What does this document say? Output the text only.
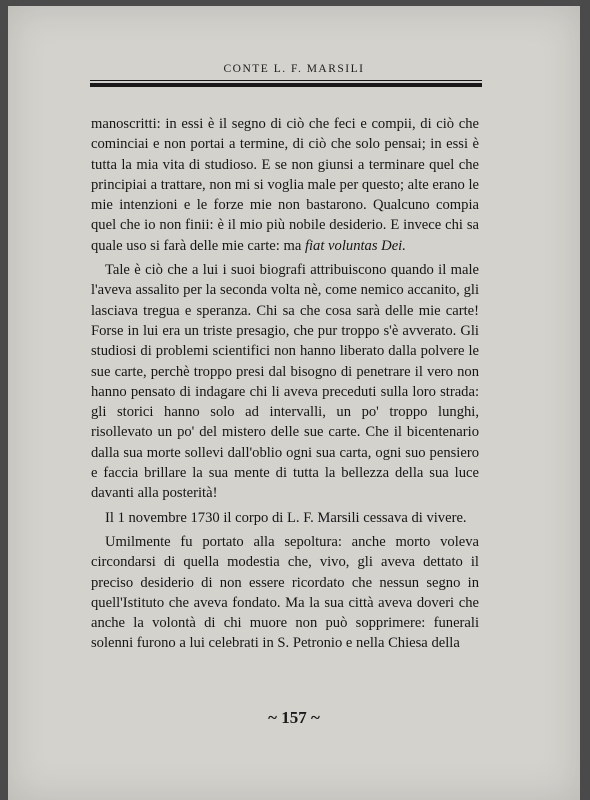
CONTE L. F. MARSILI

manoscritti: in essi è il segno di ciò che feci e compii, di ciò che cominciai e non portai a termine, di ciò che solo pensai; in essi è tutta la mia vita di studioso. E se non giunsi a terminare quel che principiai a trattare, non mi si voglia male per questo; alte erano le mie intenzioni e le forze mie non bastarono. Qualcuno compia quel che io non finii: è il mio più nobile desiderio. E invece chi sa quale uso si farà delle mie carte: ma fiat voluntas Dei.

Tale è ciò che a lui i suoi biografi attribuiscono quando il male l'aveva assalito per la seconda volta nè, come nemico accanito, gli lasciava tregua e speranza. Chi sa che cosa sarà delle mie carte! Forse in lui era un triste presagio, che pur troppo s'è avverato. Gli studiosi di problemi scientifici non hanno liberato dalla polvere le sue carte, perchè troppo presi dal bisogno di penetrare il vero non hanno pensato di indagare chi li aveva preceduti sulla loro strada: gli storici hanno solo ad intervalli, un po' troppo lunghi, risollevato un po' del mistero delle sue carte. Che il bicentenario dalla sua morte sollevi dall'oblio ogni sua carta, ogni suo pensiero e faccia brillare la sua mente di tutta la bellezza della sua luce davanti alla posterità!

Il 1 novembre 1730 il corpo di L. F. Marsili cessava di vivere.

Umilmente fu portato alla sepoltura: anche morto voleva circondarsi di quella modestia che, vivo, gli aveva dettato il preciso desiderio di non essere ricordato che nessun segno in quell'Istituto che aveva fondato. Ma la sua città aveva doveri che anche la volontà di chi muore non può sopprimere: funerali solenni furono a lui celebrati in S. Petronio e nella Chiesa della

~ 157 ~
